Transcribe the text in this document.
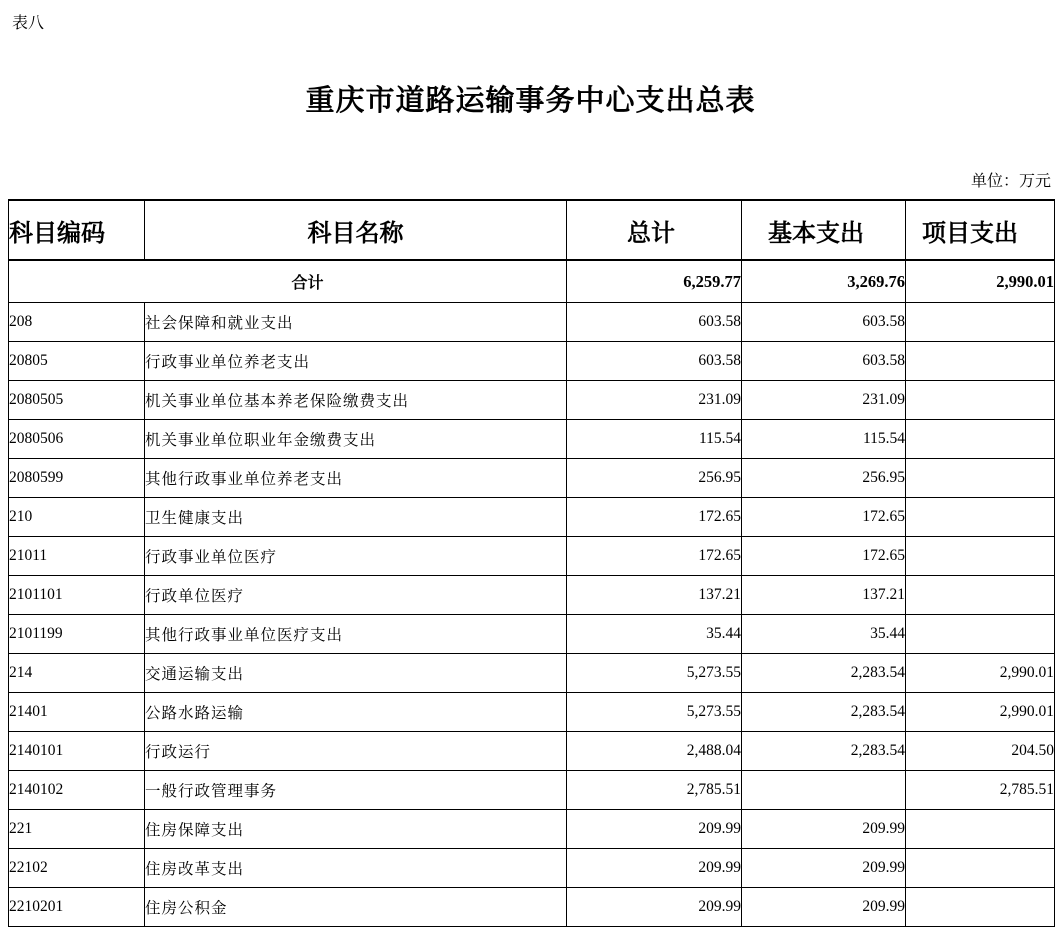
表八
重庆市道路运输事务中心支出总表
单位：万元
科目编码	科目名称	总计	基本支出	项目支出
合计		6,259.77	3,269.76	2,990.01
208	社会保障和就业支出	603.58	603.58	
20805	行政事业单位养老支出	603.58	603.58	
2080505	机关事业单位基本养老保险缴费支出	231.09	231.09	
2080506	机关事业单位职业年金缴费支出	115.54	115.54	
2080599	其他行政事业单位养老支出	256.95	256.95	
210	卫生健康支出	172.65	172.65	
21011	行政事业单位医疗	172.65	172.65	
2101101	行政单位医疗	137.21	137.21	
2101199	其他行政事业单位医疗支出	35.44	35.44	
214	交通运输支出	5,273.55	2,283.54	2,990.01
21401	公路水路运输	5,273.55	2,283.54	2,990.01
2140101	行政运行	2,488.04	2,283.54	204.50
2140102	一般行政管理事务	2,785.51		2,785.51
221	住房保障支出	209.99	209.99	
22102	住房改革支出	209.99	209.99	
2210201	住房公积金	209.99	209.99	
